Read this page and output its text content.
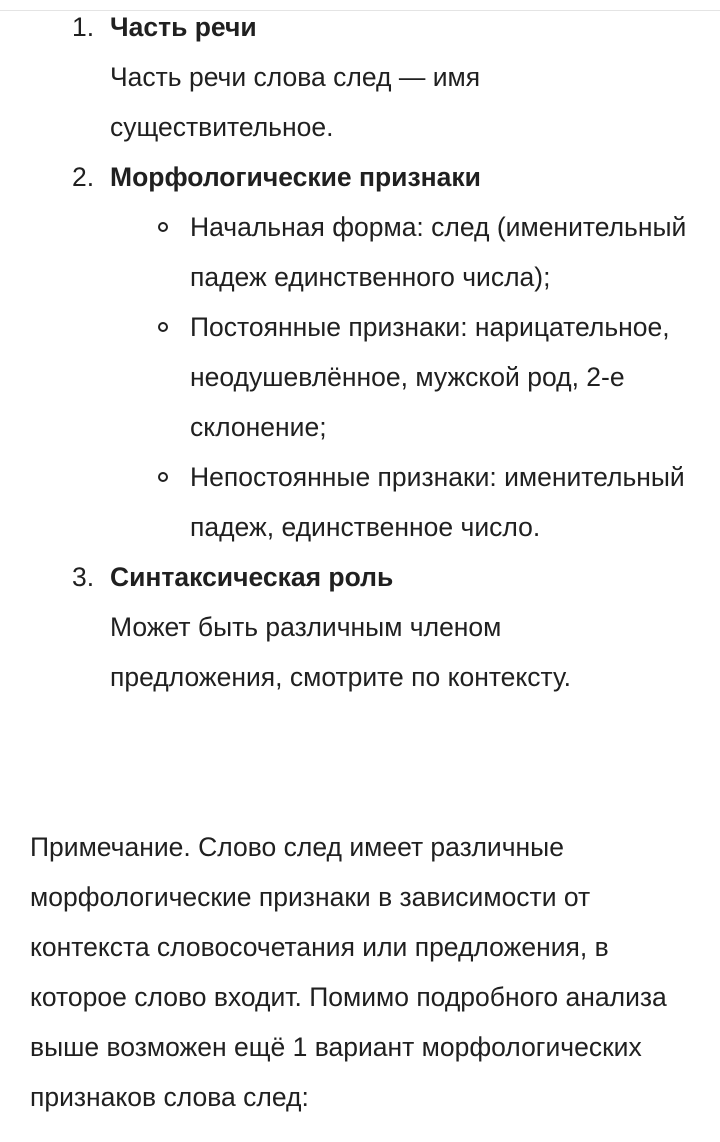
1. Часть речи
Часть речи слова след — имя существительное.
2. Морфологические признаки
Начальная форма: след (именительный падеж единственного числа);
Постоянные признаки: нарицательное, неодушевлённое, мужской род, 2-е склонение;
Непостоянные признаки: именительный падеж, единственное число.
3. Синтаксическая роль
Может быть различным членом предложения, смотрите по контексту.

Примечание. Слово след имеет различные морфологические признаки в зависимости от контекста словосочетания или предложения, в которое слово входит. Помимо подробного анализа выше возможен ещё 1 вариант морфологических признаков слова след:
